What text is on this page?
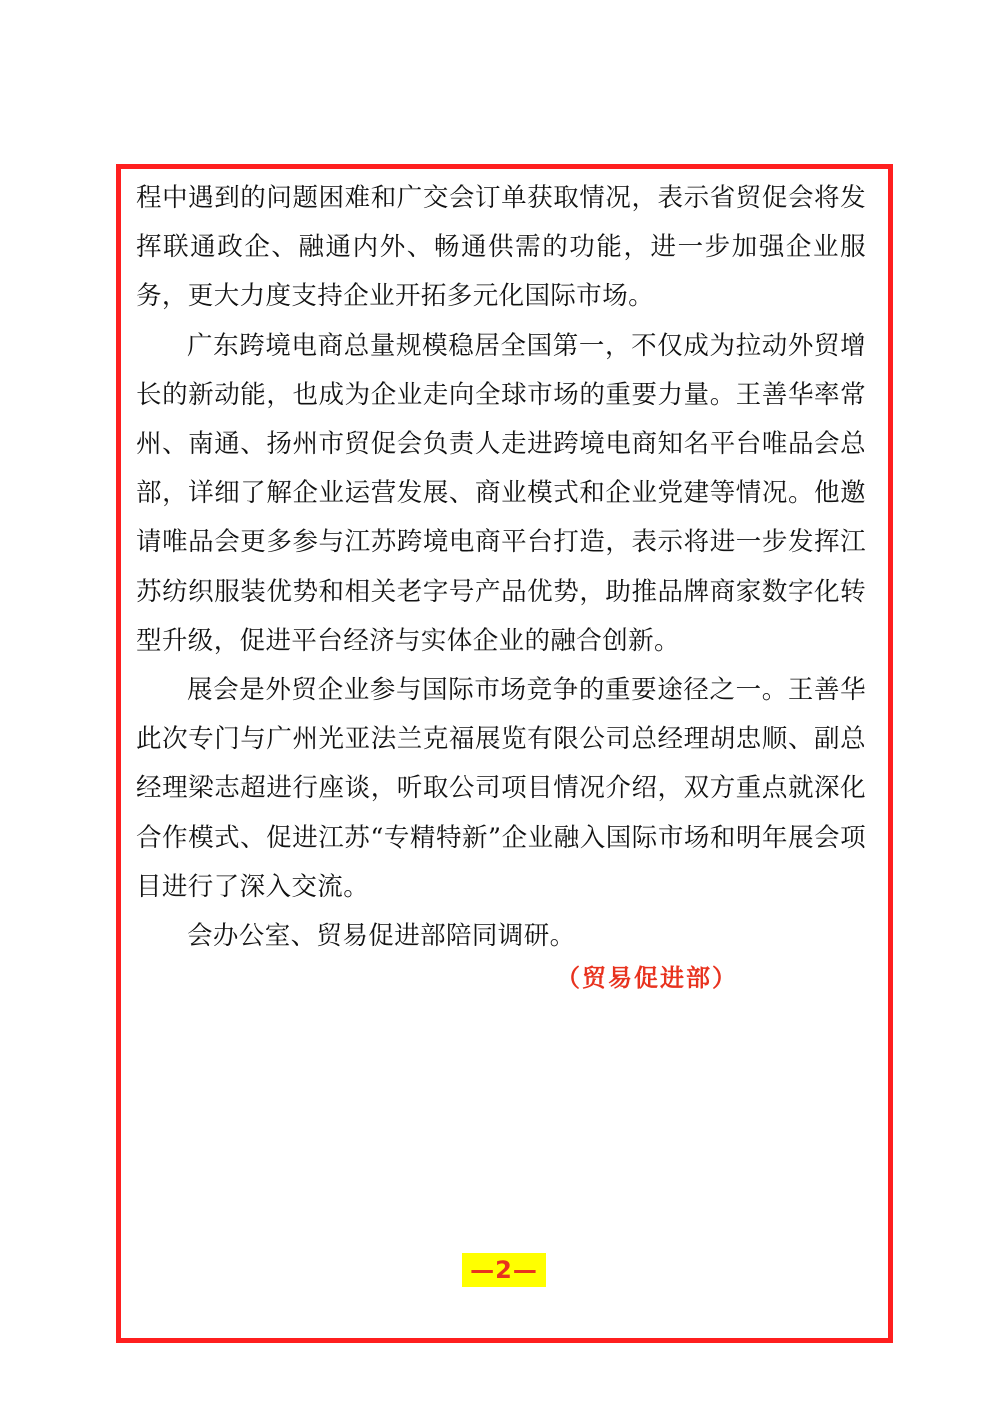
程中遇到的问题困难和广交会订单获取情况，表示省贸促会将发挥联通政企、融通内外、畅通供需的功能，进一步加强企业服务，更大力度支持企业开拓多元化国际市场。

广东跨境电商总量规模稳居全国第一，不仅成为拉动外贸增长的新动能，也成为企业走向全球市场的重要力量。王善华率常州、南通、扬州市贸促会负责人走进跨境电商知名平台唯品会总部，详细了解企业运营发展、商业模式和企业党建等情况。他邀请唯品会更多参与江苏跨境电商平台打造，表示将进一步发挥江苏纺织服装优势和相关老字号产品优势，助推品牌商家数字化转型升级，促进平台经济与实体企业的融合创新。

展会是外贸企业参与国际市场竞争的重要途径之一。王善华此次专门与广州光亚法兰克福展览有限公司总经理胡忠顺、副总经理梁志超进行座谈，听取公司项目情况介绍，双方重点就深化合作模式、促进江苏“专精特新”企业融入国际市场和明年展会项目进行了深入交流。

会办公室、贸易促进部陪同调研。

（贸易促进部）
—2—
